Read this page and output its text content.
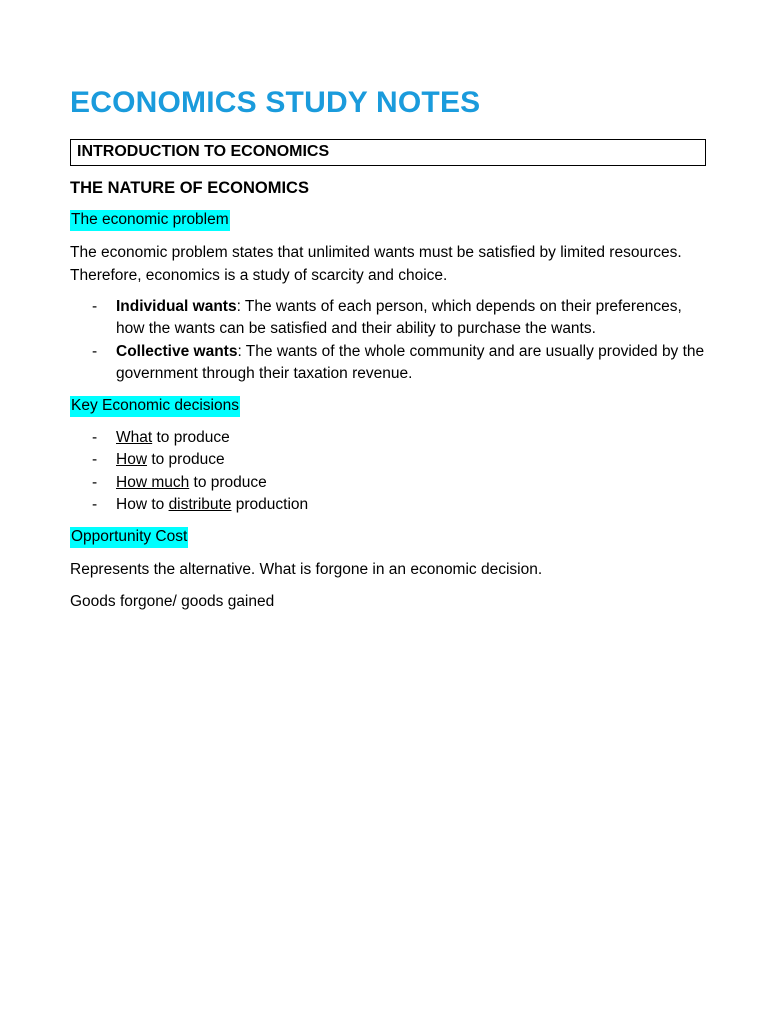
ECONOMICS STUDY NOTES
INTRODUCTION TO ECONOMICS
THE NATURE OF ECONOMICS
The economic problem

The economic problem states that unlimited wants must be satisfied by limited resources. Therefore, economics is a study of scarcity and choice.

- Individual wants: The wants of each person, which depends on their preferences, how the wants can be satisfied and their ability to purchase the wants.
- Collective wants: The wants of the whole community and are usually provided by the government through their taxation revenue.
Key Economic decisions
- What to produce
- How to produce
- How much to produce
- How to distribute production
Opportunity Cost

Represents the alternative. What is forgone in an economic decision.

Goods forgone/ goods gained
